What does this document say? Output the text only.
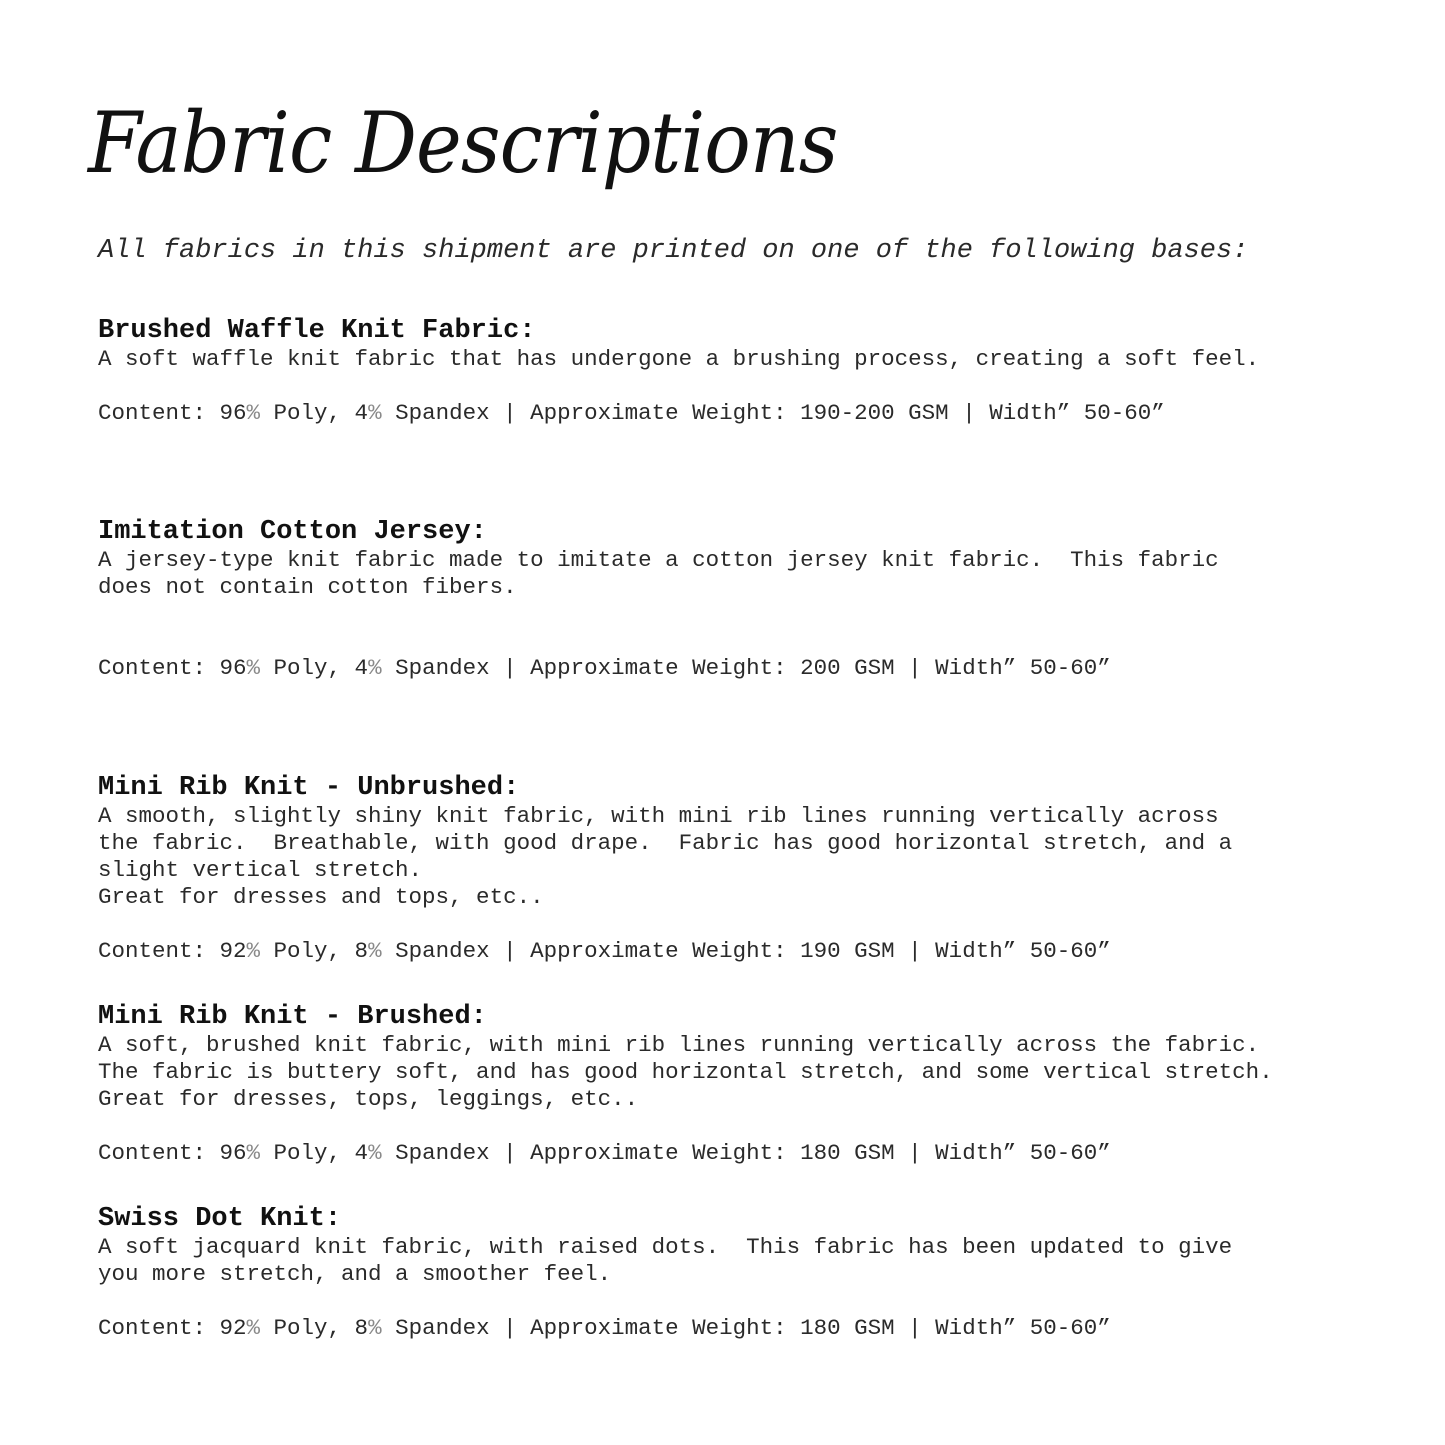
Fabric Descriptions
All fabrics in this shipment are printed on one of the following bases:
Brushed Waffle Knit Fabric:

A soft waffle knit fabric that has undergone a brushing process, creating a soft feel.

Content: 96% Poly, 4% Spandex | Approximate Weight: 190-200 GSM | Width” 50-60”

Imitation Cotton Jersey:

A jersey-type knit fabric made to imitate a cotton jersey knit fabric.  This fabric

does not contain cotton fibers.

Content: 96% Poly, 4% Spandex | Approximate Weight: 200 GSM | Width” 50-60”

Mini Rib Knit - Unbrushed:

A smooth, slightly shiny knit fabric, with mini rib lines running vertically across

the fabric.  Breathable, with good drape.  Fabric has good horizontal stretch, and a

slight vertical stretch.

Great for dresses and tops, etc..

Content: 92% Poly, 8% Spandex | Approximate Weight: 190 GSM | Width” 50-60”

Mini Rib Knit - Brushed:

A soft, brushed knit fabric, with mini rib lines running vertically across the fabric.

The fabric is buttery soft, and has good horizontal stretch, and some vertical stretch.

Great for dresses, tops, leggings, etc..

Content: 96% Poly, 4% Spandex | Approximate Weight: 180 GSM | Width” 50-60”

Swiss Dot Knit:

A soft jacquard knit fabric, with raised dots.  This fabric has been updated to give

you more stretch, and a smoother feel.

Content: 92% Poly, 8% Spandex | Approximate Weight: 180 GSM | Width” 50-60”
